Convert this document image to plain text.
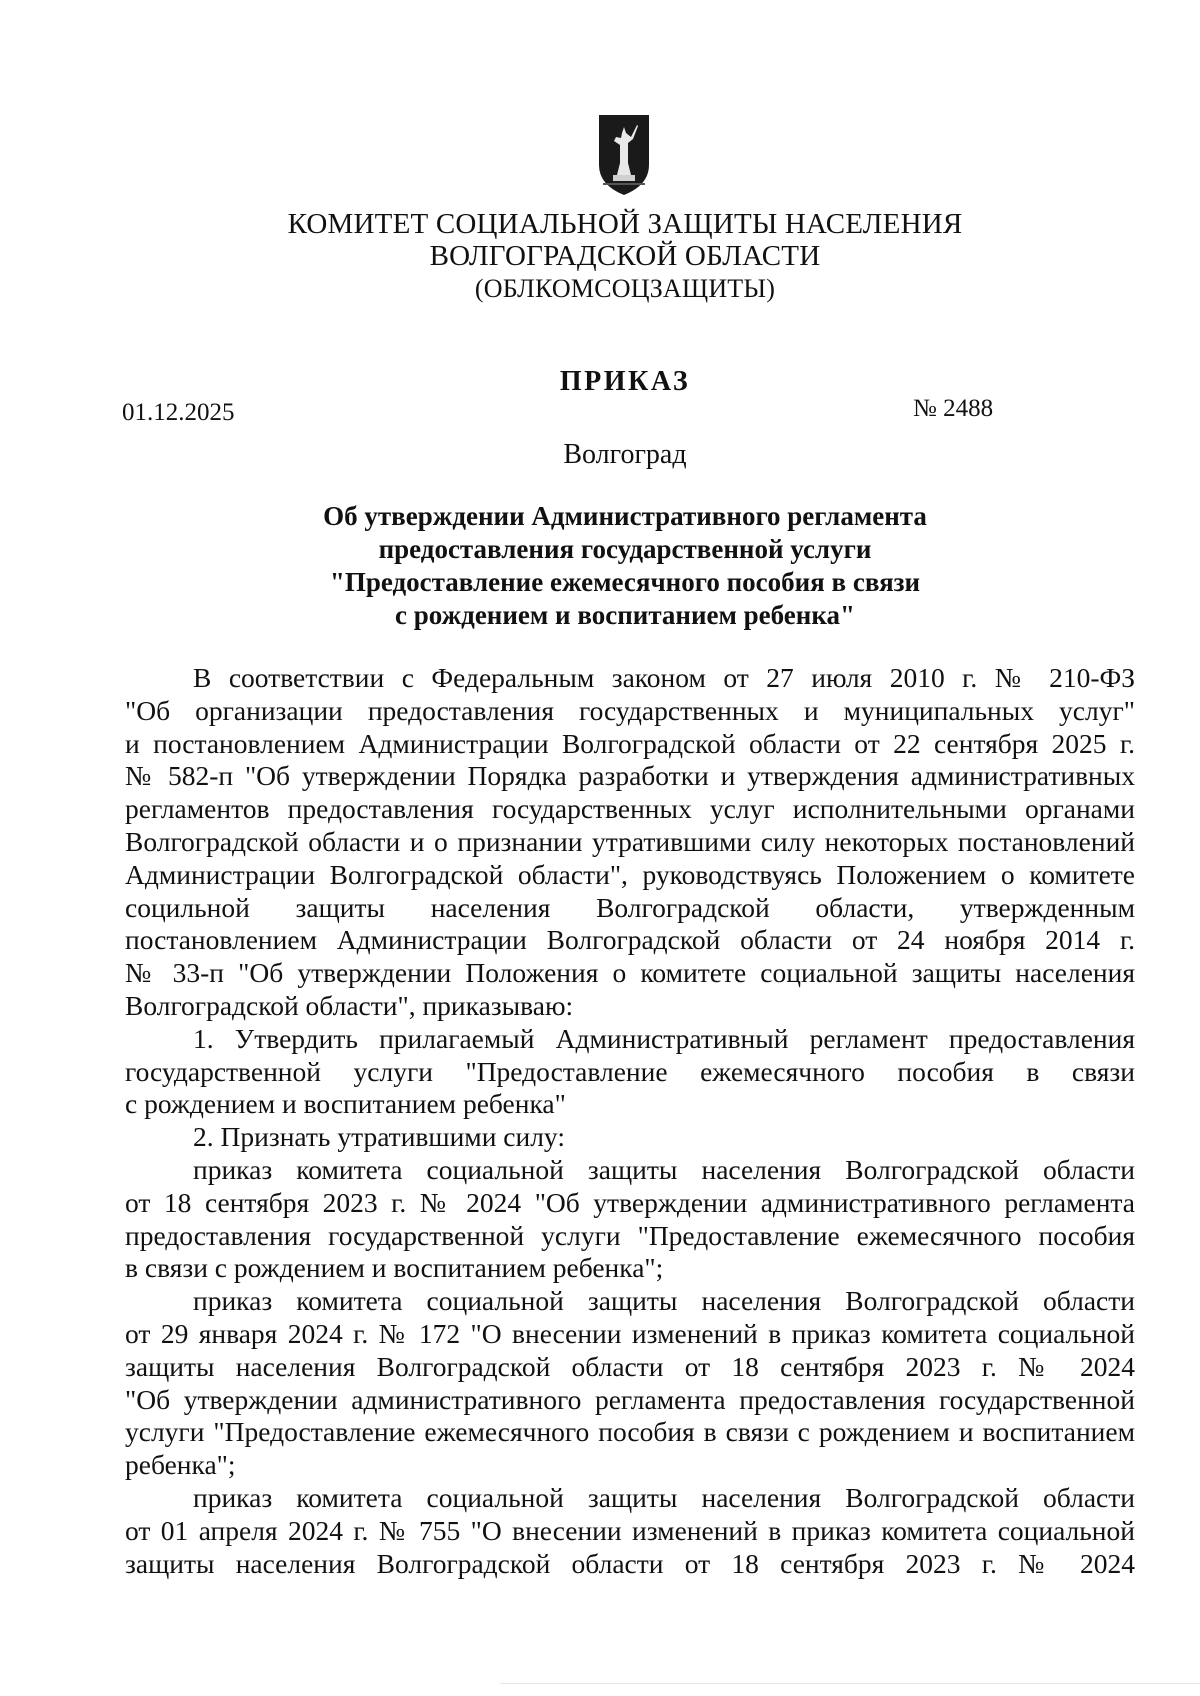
КОМИТЕТ СОЦИАЛЬНОЙ ЗАЩИТЫ НАСЕЛЕНИЯ
ВОЛГОГРАДСКОЙ ОБЛАСТИ
(ОБЛКОМСОЦЗАЩИТЫ)
ПРИКАЗ
01.12.2025	№ 2488
Волгоград
Об утверждении Административного регламента
предоставления государственной услуги
"Предоставление ежемесячного пособия в связи
с рождением и воспитанием ребенка"
В соответствии с Федеральным законом от 27 июля 2010 г. № 210-ФЗ
"Об организации предоставления государственных и муниципальных услуг"
и постановлением Администрации Волгоградской области от 22 сентября 2025 г.
№ 582-п "Об утверждении Порядка разработки и утверждения административных
регламентов предоставления государственных услуг исполнительными органами
Волгоградской области и о признании утратившими силу некоторых постановлений
Администрации Волгоградской области", руководствуясь Положением о комитете
социльной защиты населения Волгоградской области, утвержденным
постановлением Администрации Волгоградской области от 24 ноября 2014 г.
№ 33-п "Об утверждении Положения о комитете социальной защиты населения
Волгоградской области", приказываю:
1. Утвердить прилагаемый Административный регламент предоставления
государственной услуги "Предоставление ежемесячного пособия в связи
с рождением и воспитанием ребенка"
2. Признать утратившими силу:
приказ комитета социальной защиты населения Волгоградской области
от 18 сентября 2023 г. № 2024 "Об утверждении административного регламента
предоставления государственной услуги "Предоставление ежемесячного пособия
в связи с рождением и воспитанием ребенка";
приказ комитета социальной защиты населения Волгоградской области
от 29 января 2024 г. № 172 "О внесении изменений в приказ комитета социальной
защиты населения Волгоградской области от 18 сентября 2023 г. № 2024
"Об утверждении административного регламента предоставления государственной
услуги "Предоставление ежемесячного пособия в связи с рождением и воспитанием
ребенка";
приказ комитета социальной защиты населения Волгоградской области
от 01 апреля 2024 г. № 755 "О внесении изменений в приказ комитета социальной
защиты населения Волгоградской области от 18 сентября 2023 г. № 2024
